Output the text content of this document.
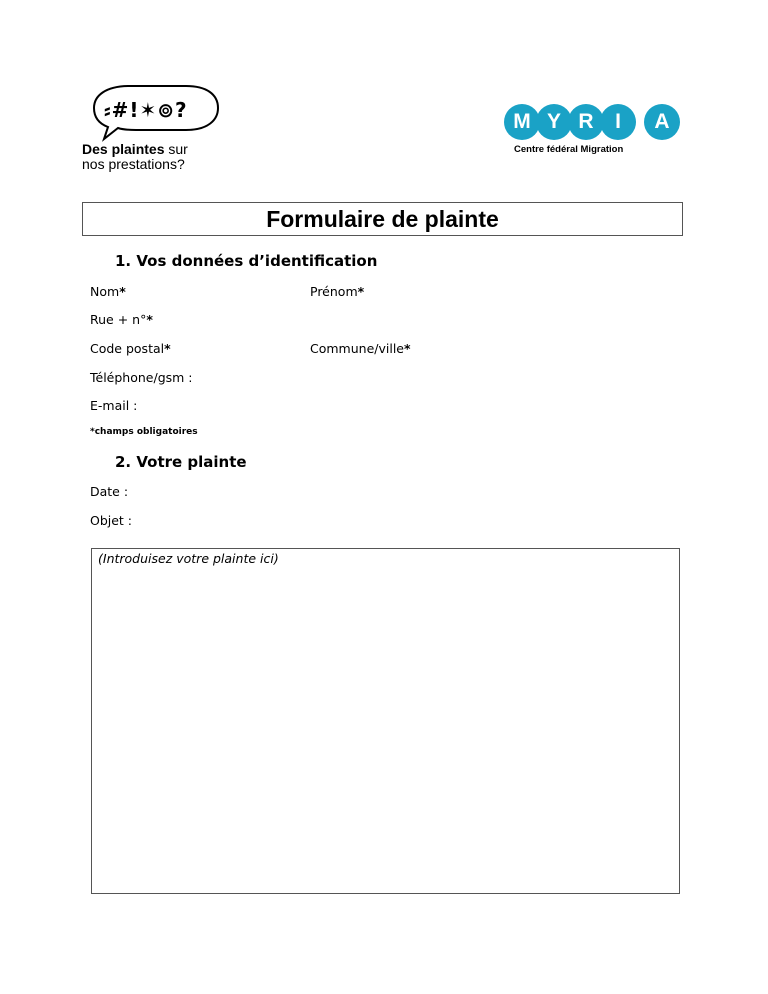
⸗#!✶⊚?
Des plaintes sur
nos prestations?
M Y R	I	A
Centre fédéral Migration
Formulaire de plainte
1. Vos données d’identification
Nom*	Prénom*
Rue + n°*
Code postal*	Commune/ville*
Téléphone/gsm :
E-mail :
*champs obligatoires
2. Votre plainte
Date :
Objet :
(Introduisez votre plainte ici)
